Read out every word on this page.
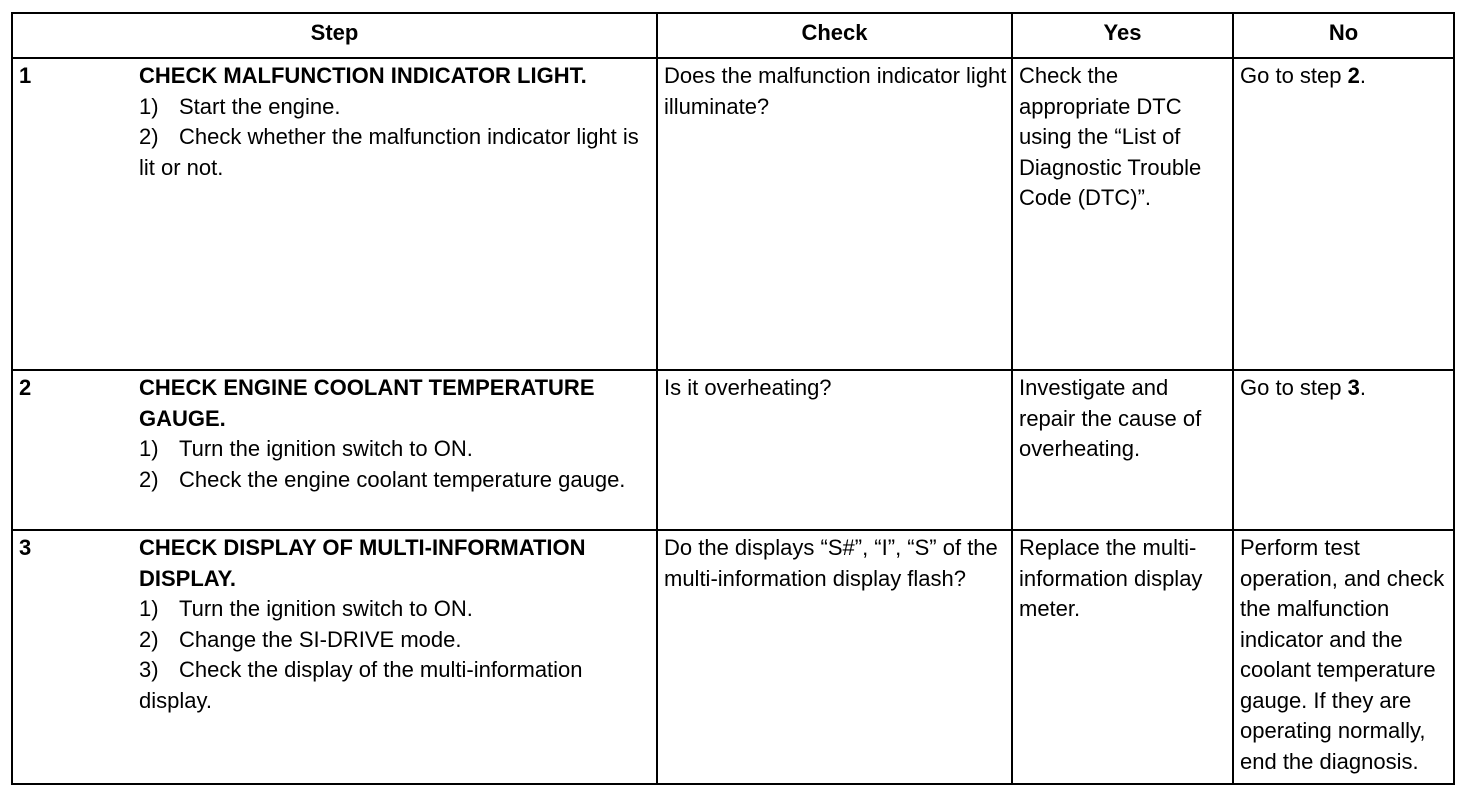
Step	Check	Yes	No

1 CHECK MALFUNCTION INDICATOR LIGHT.
1) Start the engine.
2) Check whether the malfunction indicator light is lit or not.	Does the malfunction indicator light illuminate?	Check the appropriate DTC using the “List of Diagnostic Trouble Code (DTC)”.	Go to step 2.

2 CHECK ENGINE COOLANT TEMPERATURE GAUGE.
1) Turn the ignition switch to ON.
2) Check the engine coolant temperature gauge.	Is it overheating?	Investigate and repair the cause of overheating.	Go to step 3.

3 CHECK DISPLAY OF MULTI-INFORMATION DISPLAY.
1) Turn the ignition switch to ON.
2) Change the SI-DRIVE mode.
3) Check the display of the multi-information display.	Do the displays “S#”, “I”, “S” of the multi-information display flash?	Replace the multi-information display meter.	Perform test operation, and check the malfunction indicator and the coolant temperature gauge. If they are operating normally, end the diagnosis.
